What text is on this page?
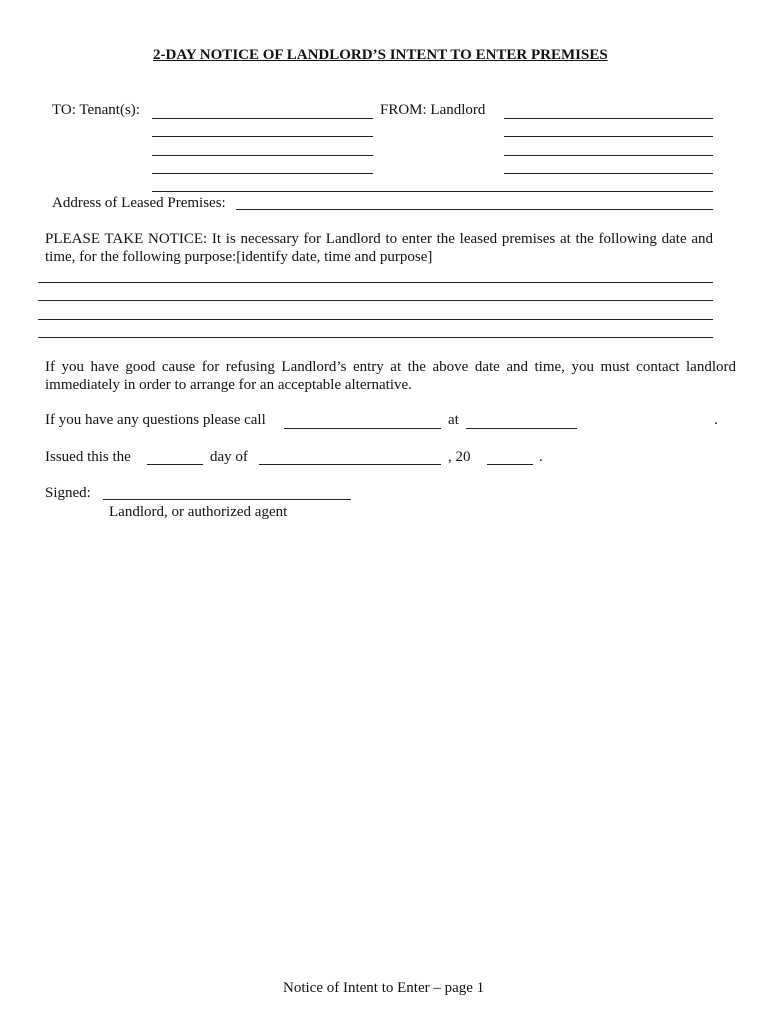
2-DAY NOTICE OF LANDLORD’S INTENT TO ENTER PREMISES
TO: Tenant(s):	FROM: Landlord
Address of Leased Premises:
PLEASE TAKE NOTICE: It is necessary for Landlord to enter the leased premises at the following date and time, for the following purpose:[identify date, time and purpose]
If you have good cause for refusing Landlord’s entry at the above date and time, you must contact landlord immediately in order to arrange for an acceptable alternative.
If you have any questions please call	at	.
Issued this the	day of	, 20	.
Signed:
Landlord, or authorized agent
Notice of Intent to Enter – page 1
